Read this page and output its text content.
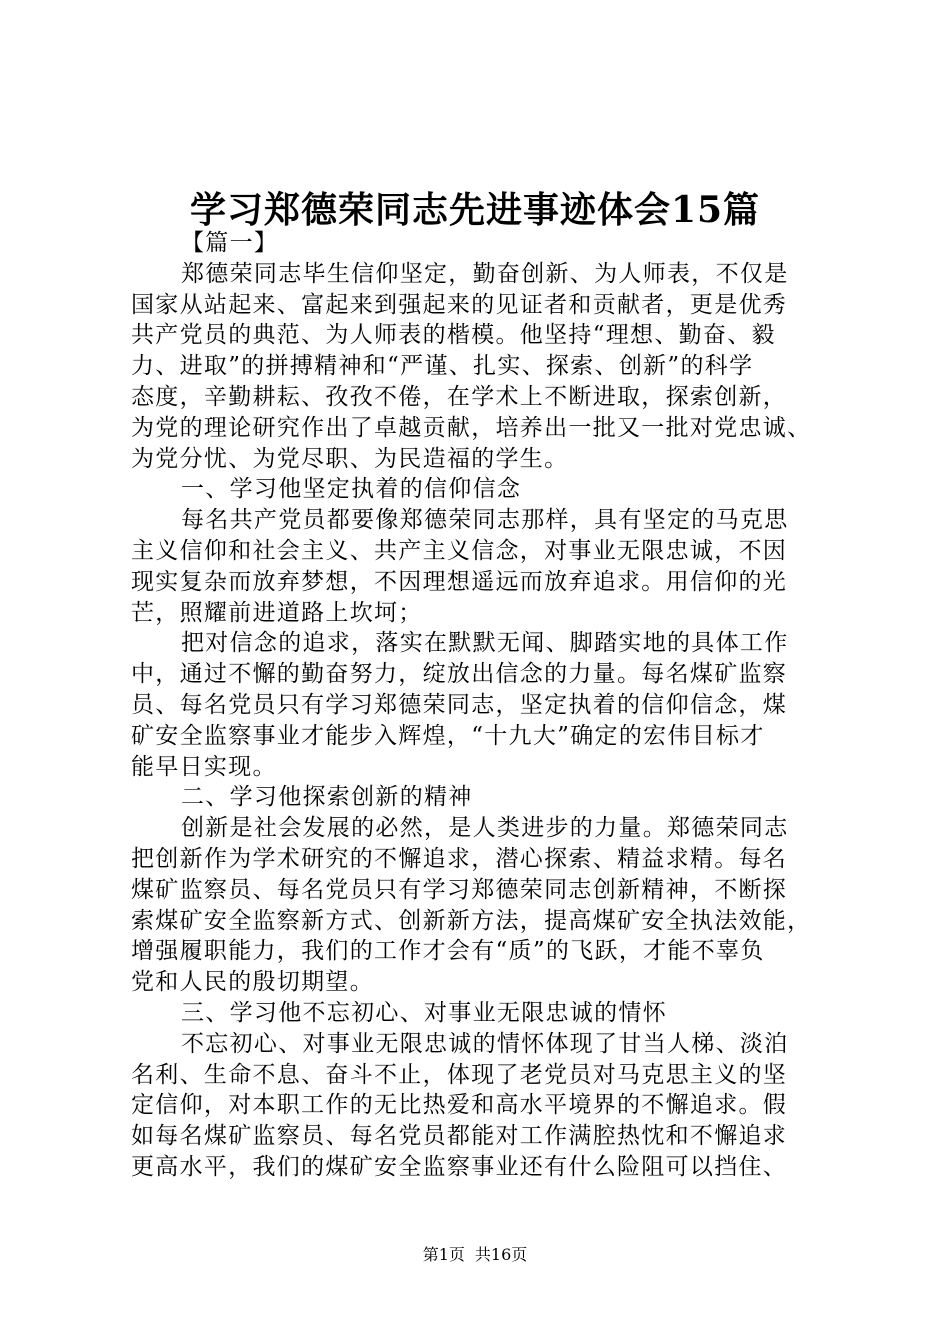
学习郑德荣同志先进事迹体会15篇
【篇一】
郑德荣同志毕生信仰坚定，勤奋创新、为人师表，不仅是
国家从站起来、富起来到强起来的见证者和贡献者，更是优秀
共产党员的典范、为人师表的楷模。他坚持“理想、勤奋、毅
力、进取”的拼搏精神和“严谨、扎实、探索、创新”的科学
态度，辛勤耕耘、孜孜不倦，在学术上不断进取，探索创新，
为党的理论研究作出了卓越贡献，培养出一批又一批对党忠诚、
为党分忧、为党尽职、为民造福的学生。
一、学习他坚定执着的信仰信念
每名共产党员都要像郑德荣同志那样，具有坚定的马克思
主义信仰和社会主义、共产主义信念，对事业无限忠诚，不因
现实复杂而放弃梦想，不因理想遥远而放弃追求。用信仰的光
芒，照耀前进道路上坎坷；
把对信念的追求，落实在默默无闻、脚踏实地的具体工作
中，通过不懈的勤奋努力，绽放出信念的力量。每名煤矿监察
员、每名党员只有学习郑德荣同志，坚定执着的信仰信念，煤
矿安全监察事业才能步入辉煌，“十九大”确定的宏伟目标才
能早日实现。
二、学习他探索创新的精神
创新是社会发展的必然，是人类进步的力量。郑德荣同志
把创新作为学术研究的不懈追求，潜心探索、精益求精。每名
煤矿监察员、每名党员只有学习郑德荣同志创新精神，不断探
索煤矿安全监察新方式、创新新方法，提高煤矿安全执法效能，
增强履职能力，我们的工作才会有“质”的飞跃，才能不辜负
党和人民的殷切期望。
三、学习他不忘初心、对事业无限忠诚的情怀
不忘初心、对事业无限忠诚的情怀体现了甘当人梯、淡泊
名利、生命不息、奋斗不止，体现了老党员对马克思主义的坚
定信仰，对本职工作的无比热爱和高水平境界的不懈追求。假
如每名煤矿监察员、每名党员都能对工作满腔热忱和不懈追求
更高水平，我们的煤矿安全监察事业还有什么险阻可以挡住、
第1页 共16页
